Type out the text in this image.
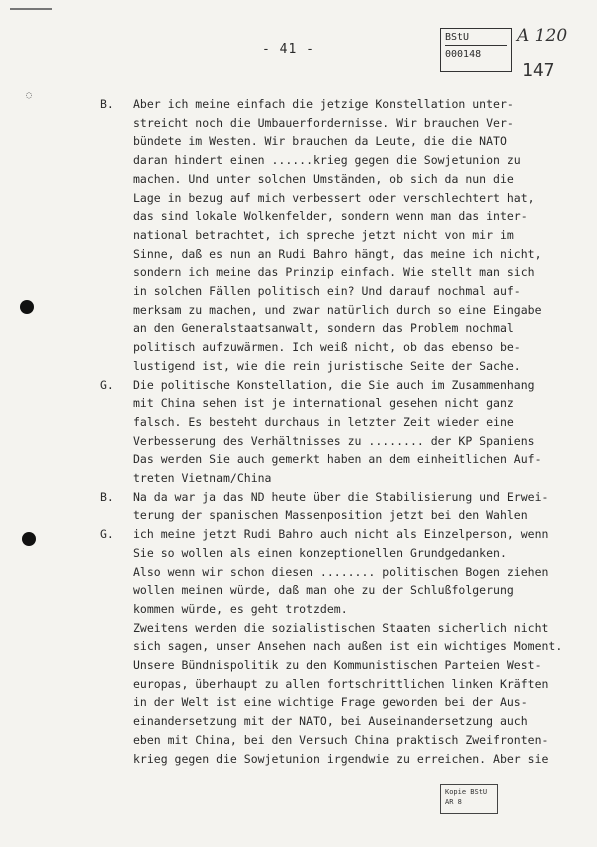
◌
- 41 -
BStU
000148
A 120
147
B. Aber ich meine einfach die jetzige Konstellation unter-
streicht noch die Umbauerfordernisse. Wir brauchen Ver-
bündete im Westen. Wir brauchen da Leute, die die NATO
daran hindert einen ......krieg gegen die Sowjetunion zu
machen. Und unter solchen Umständen, ob sich da nun die
Lage in bezug auf mich verbessert oder verschlechtert hat,
das sind lokale Wolkenfelder, sondern wenn man das inter-
national betrachtet, ich spreche jetzt nicht von mir im
Sinne, daß es nun an Rudi Bahro hängt, das meine ich nicht,
sondern ich meine das Prinzip einfach. Wie stellt man sich
in solchen Fällen politisch ein? Und darauf nochmal auf-
merksam zu machen, und zwar natürlich durch so eine Eingabe
an den Generalstaatsanwalt, sondern das Problem nochmal
politisch aufzuwärmen. Ich weiß nicht, ob das ebenso be-
lustigend ist, wie die rein juristische Seite der Sache.
G. Die politische Konstellation, die Sie auch im Zusammenhang
mit China sehen ist je international gesehen nicht ganz
falsch. Es besteht durchaus in letzter Zeit wieder eine
Verbesserung des Verhältnisses zu ........ der KP Spaniens
Das werden Sie auch gemerkt haben an dem einheitlichen Auf-
treten Vietnam/China
B. Na da war ja das ND heute über die Stabilisierung und Erwei-
terung der spanischen Massenposition jetzt bei den Wahlen
G. ich meine jetzt Rudi Bahro auch nicht als Einzelperson, wenn
Sie so wollen als einen konzeptionellen Grundgedanken.
Also wenn wir schon diesen ........ politischen Bogen ziehen
wollen meinen würde, daß man ohe zu der Schlußfolgerung
kommen würde, es geht trotzdem.
Zweitens werden die sozialistischen Staaten sicherlich nicht
sich sagen, unser Ansehen nach außen ist ein wichtiges Moment.
Unsere Bündnispolitik zu den Kommunistischen Parteien West-
europas, überhaupt zu allen fortschrittlichen linken Kräften
in der Welt ist eine wichtige Frage geworden bei der Aus-
einandersetzung mit der NATO, bei Auseinandersetzung auch
eben mit China, bei den Versuch China praktisch Zweifronten-
krieg gegen die Sowjetunion irgendwie zu erreichen. Aber sie
Kopie BStU
AR 8
